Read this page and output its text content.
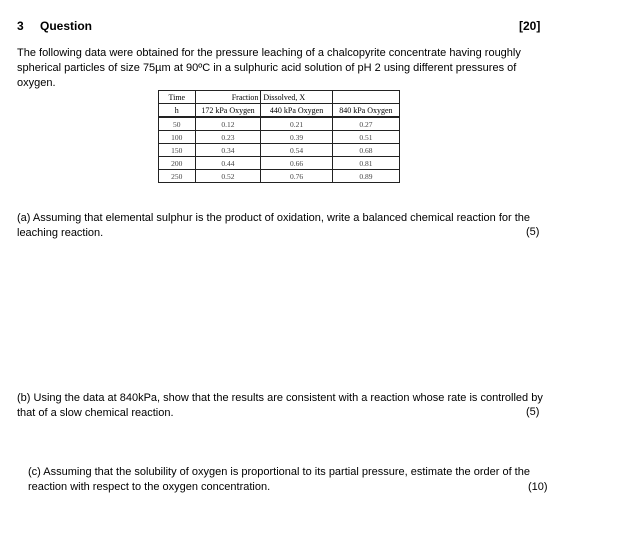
3 Question	[20]
The following data were obtained for the pressure leaching of a chalcopyrite concentrate having roughly
spherical particles of size 75µm at 90ºC in a sulphuric acid solution of pH 2 using different pressures of
oxygen.
Time	Fraction	Dissolved, X	
h	172 kPa Oxygen	440 kPa Oxygen	840 kPa Oxygen
50	0.12	0.21	0.27
100	0.23	0.39	0.51
150	0.34	0.54	0.68
200	0.44	0.66	0.81
250	0.52	0.76	0.89
(a) Assuming that elemental sulphur is the product of oxidation, write a balanced chemical reaction for the
leaching reaction.	(5)
(b) Using the data at 840kPa, show that the results are consistent with a reaction whose rate is controlled by
that of a slow chemical reaction.	(5)
(c) Assuming that the solubility of oxygen is proportional to its partial pressure, estimate the order of the
reaction with respect to the oxygen concentration.	(10)
